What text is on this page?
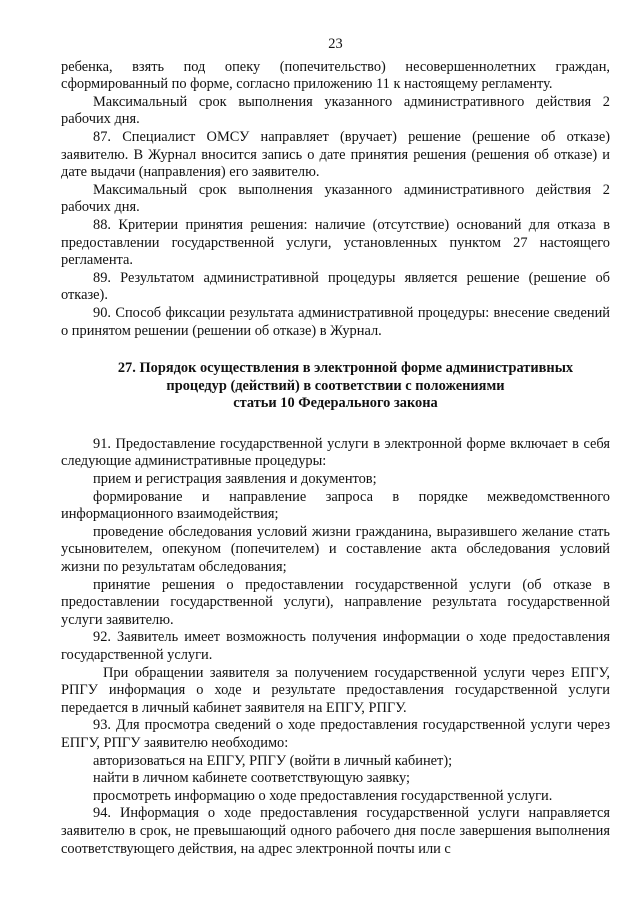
23

ребенка, взять под опеку (попечительство) несовершеннолетних граждан, сформированный по форме, согласно приложению 11 к настоящему регламенту.

Максимальный срок выполнения указанного административного действия 2 рабочих дня.

87. Специалист ОМСУ направляет (вручает) решение (решение об отказе) заявителю. В Журнал вносится запись о дате принятия решения (решения об отказе) и дате выдачи (направления) его заявителю.

Максимальный срок выполнения указанного административного действия 2 рабочих дня.

88. Критерии принятия решения: наличие (отсутствие) оснований для отказа в предоставлении государственной услуги, установленных пунктом 27 настоящего регламента.

89. Результатом административной процедуры является решение (решение об отказе).

90. Способ фиксации результата административной процедуры: внесение сведений о принятом решении (решении об отказе) в Журнал.

27. Порядок осуществления в электронной форме административных

процедур (действий) в соответствии с положениями

статьи 10 Федерального закона

91. Предоставление государственной услуги в электронной форме включает в себя следующие административные процедуры:

прием и регистрация заявления и документов;

формирование и направление запроса в порядке межведомственного информационного взаимодействия;

проведение обследования условий жизни гражданина, выразившего желание стать усыновителем, опекуном (попечителем) и составление акта обследования условий жизни по результатам обследования;

принятие решения о предоставлении государственной услуги (об отказе в предоставлении государственной услуги), направление результата государственной услуги заявителю.

92. Заявитель имеет возможность получения информации о ходе предоставления государственной услуги.

При обращении заявителя за получением государственной услуги через ЕПГУ, РПГУ информация о ходе и результате предоставления государственной услуги передается в личный кабинет заявителя на ЕПГУ, РПГУ.

93. Для просмотра сведений о ходе предоставления государственной услуги через ЕПГУ, РПГУ заявителю необходимо:

авторизоваться на ЕПГУ, РПГУ (войти в личный кабинет);

найти в личном кабинете соответствующую заявку;

просмотреть информацию о ходе предоставления государственной услуги.

94. Информация о ходе предоставления государственной услуги направляется заявителю в срок, не превышающий одного рабочего дня после завершения выполнения соответствующего действия, на адрес электронной почты или с
